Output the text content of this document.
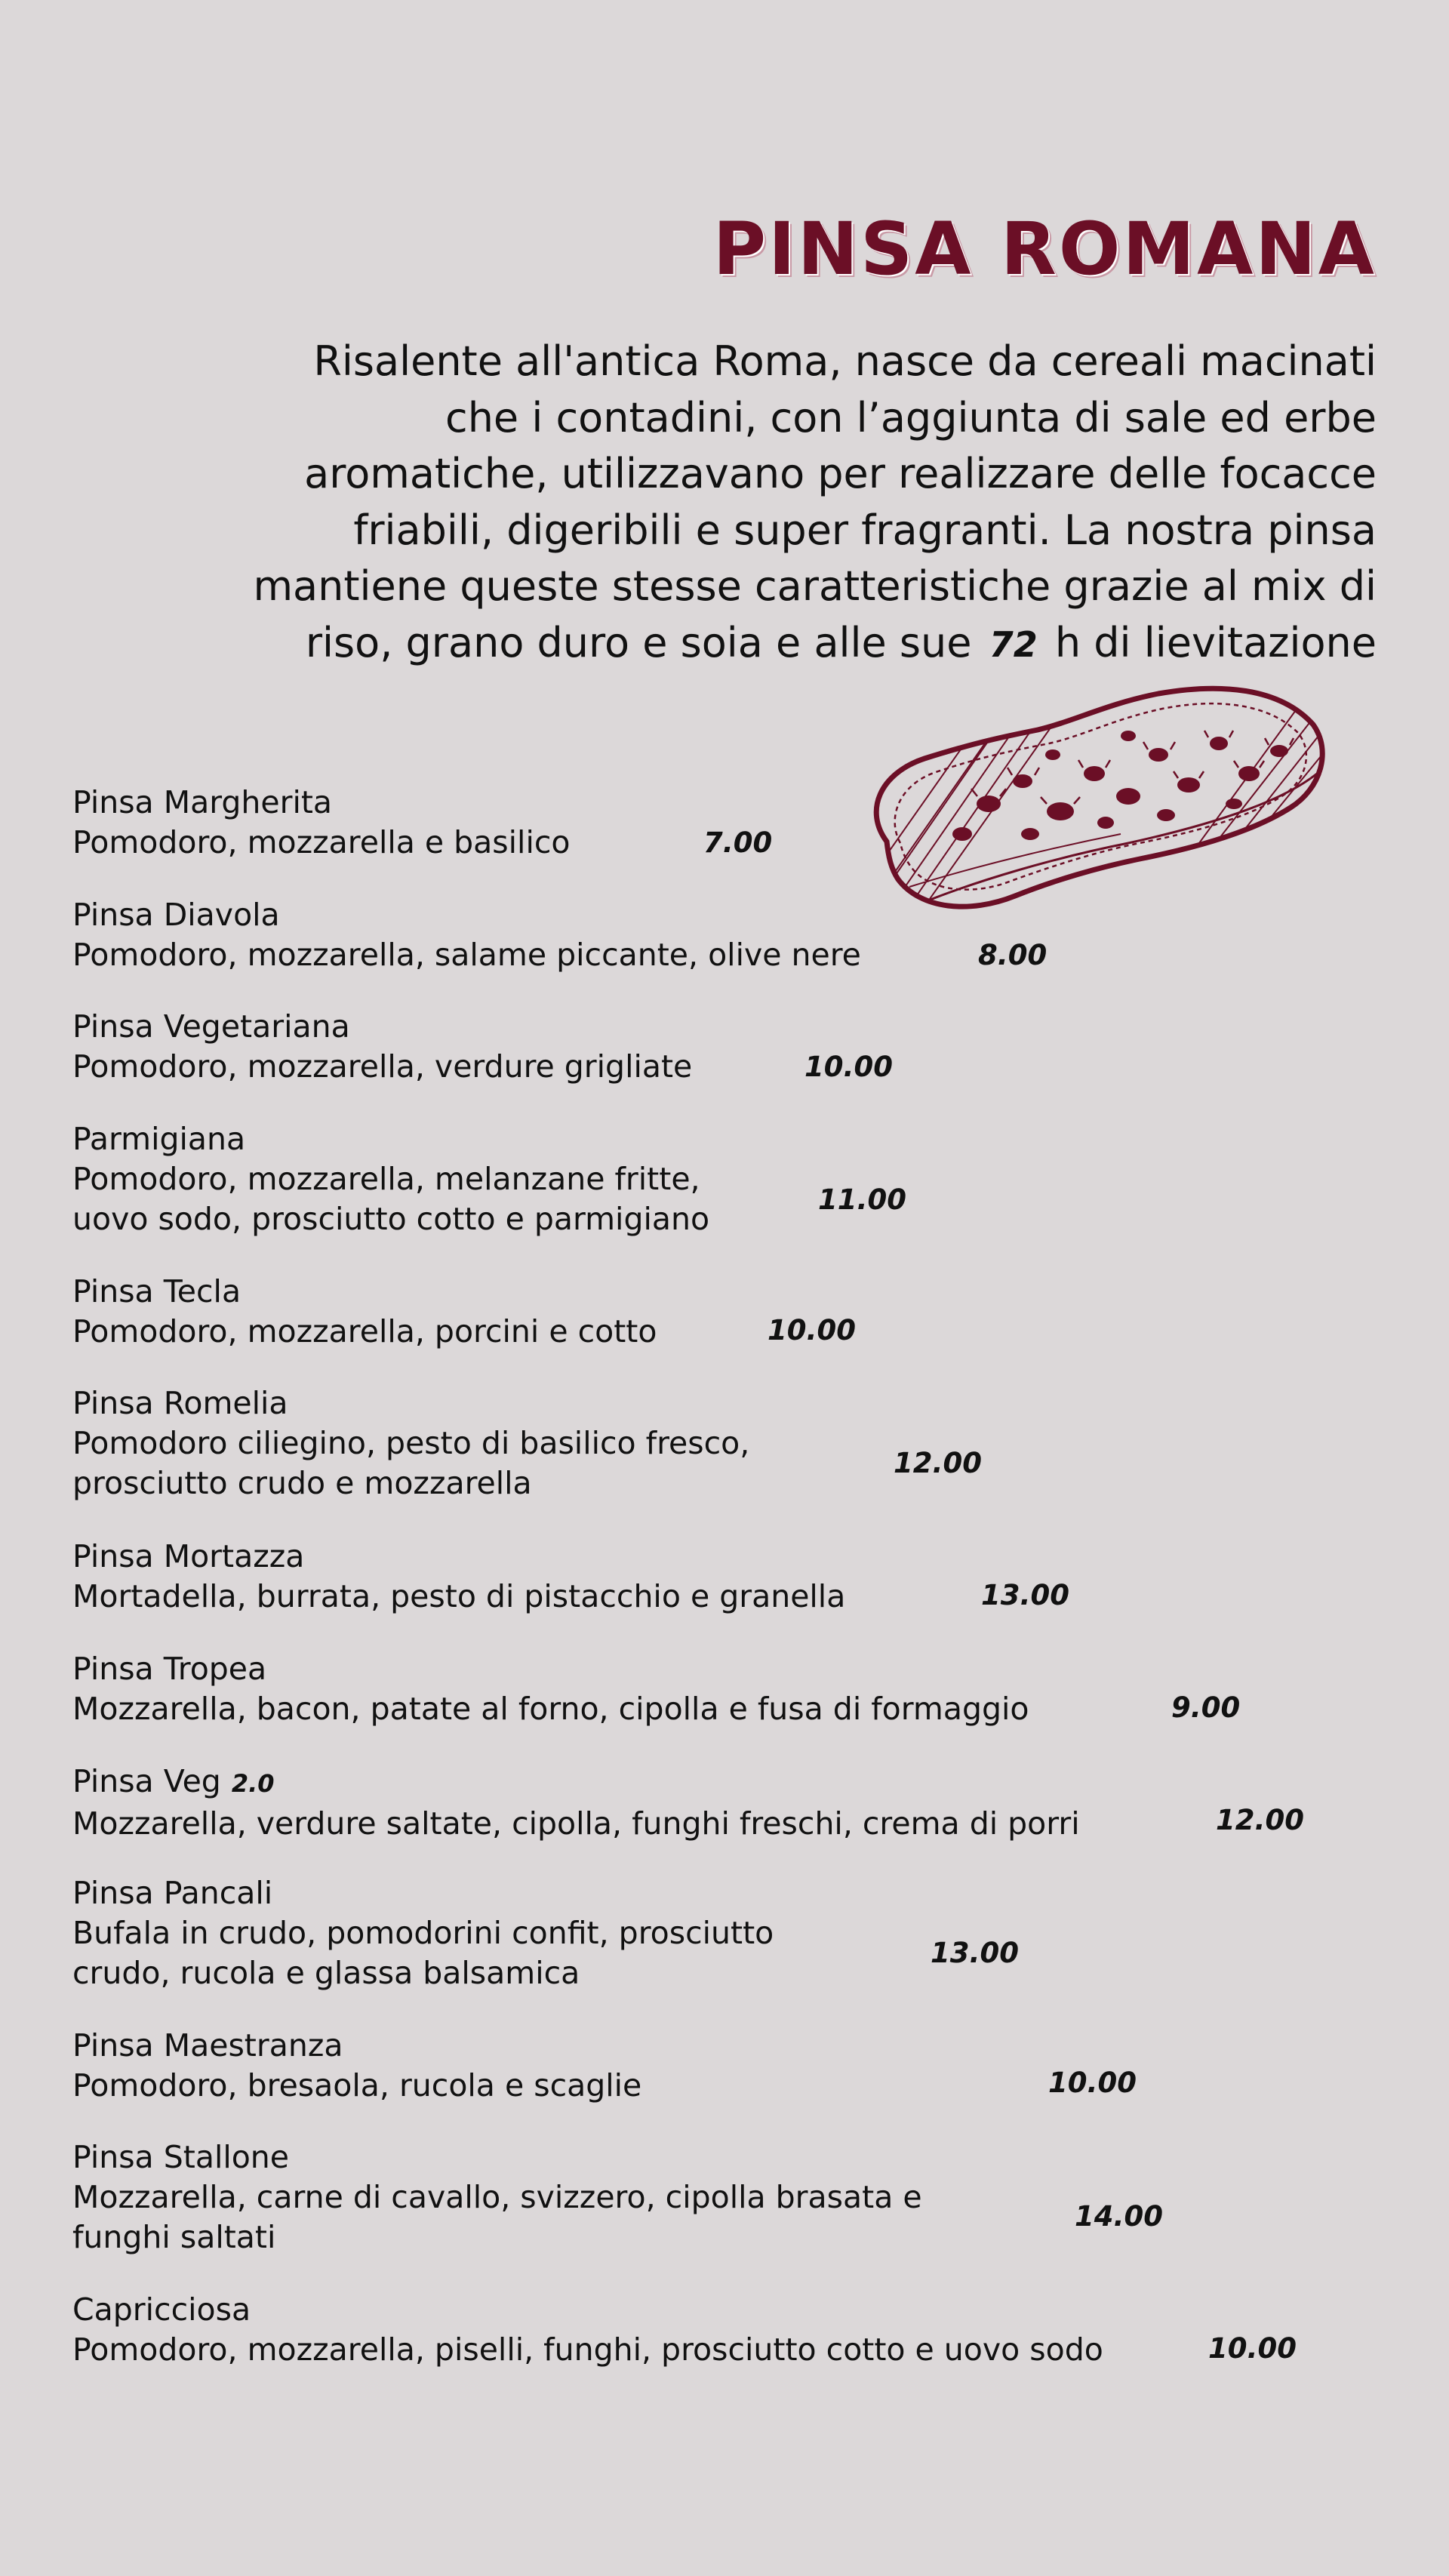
PINSA ROMANA

Risalente all'antica Roma, nasce da cereali macinati
che i contadini, con l’aggiunta di sale ed erbe
aromatiche, utilizzavano per realizzare delle focacce
friabili, digeribili e super fragranti. La nostra pinsa
mantiene queste stesse caratteristiche grazie al mix di
riso, grano duro e soia e alle sue 72 h di lievitazione

Pinsa Margherita
Pomodoro, mozzarella e basilico	7.00
Pinsa Diavola
Pomodoro, mozzarella, salame piccante, olive nere	8.00
Pinsa Vegetariana
Pomodoro, mozzarella, verdure grigliate	10.00
Parmigiana
Pomodoro, mozzarella, melanzane fritte,
uovo sodo, prosciutto cotto e parmigiano
11.00
Pinsa Tecla
Pomodoro, mozzarella, porcini e cotto	10.00
Pinsa Romelia
Pomodoro ciliegino, pesto di basilico fresco,
prosciutto crudo e mozzarella
12.00
Pinsa Mortazza
Mortadella, burrata, pesto di pistacchio e granella	13.00
Pinsa Tropea
Mozzarella, bacon, patate al forno, cipolla e fusa di formaggio	9.00
Pinsa Veg 2.0
Mozzarella, verdure saltate, cipolla, funghi freschi, crema di porri	12.00
Pinsa Pancali
Bufala in crudo, pomodorini confit, prosciutto
crudo, rucola e glassa balsamica
13.00
Pinsa Maestranza
Pomodoro, bresaola, rucola e scaglie	10.00
Pinsa Stallone
Mozzarella, carne di cavallo, svizzero, cipolla brasata e
funghi saltati
14.00
Capricciosa
Pomodoro, mozzarella, piselli, funghi, prosciutto cotto e uovo sodo	10.00
